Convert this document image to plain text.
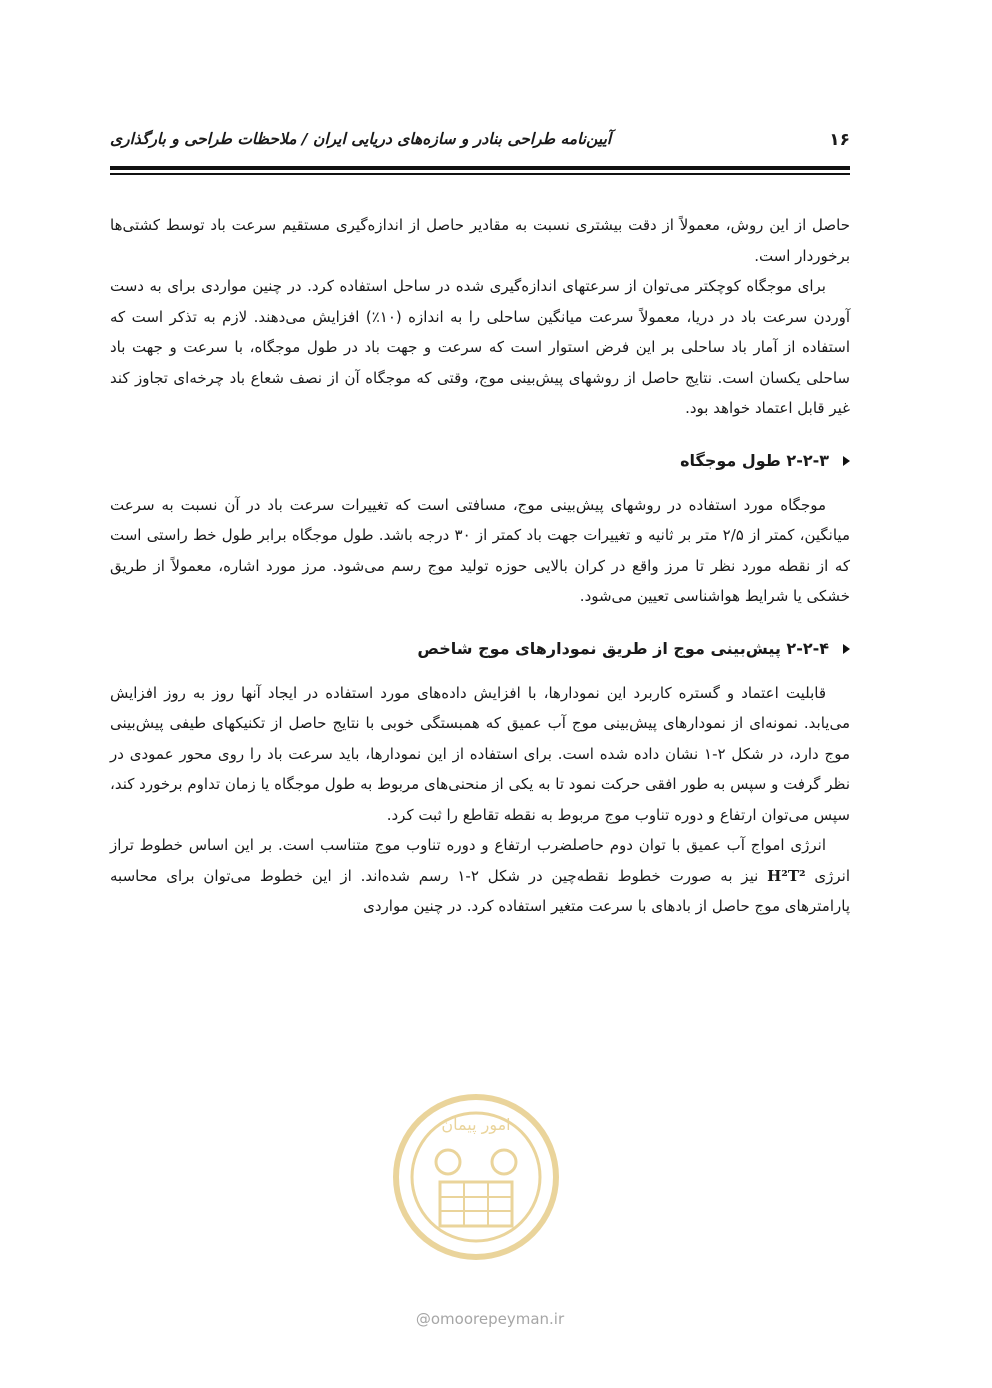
۱۶
آیین‌نامه طراحی بنادر و سازه‌های دریایی ایران / ملاحظات طراحی و بارگذاری

حاصل از این روش، معمولاً از دقت بیشتری نسبت به مقادیر حاصل از اندازه‌گیری مستقیم سرعت باد توسط کشتی‌ها برخوردار است.

برای موجگاه کوچکتر می‌توان از سرعتهای اندازه‌گیری شده در ساحل استفاده کرد. در چنین مواردی برای به دست آوردن سرعت باد در دریا، معمولاً سرعت میانگین ساحلی را به اندازه (۱۰٪) افزایش می‌دهند. لازم به تذکر است که استفاده از آمار باد ساحلی بر این فرض استوار است که سرعت و جهت باد در طول موجگاه، با سرعت و جهت باد ساحلی یکسان است. نتایج حاصل از روشهای پیش‌بینی موج، وقتی که موجگاه آن از نصف شعاع باد چرخه‌ای تجاوز کند غیر قابل اعتماد خواهد بود.

۲-۲-۳ طول موجگاه

موجگاه مورد استفاده در روشهای پیش‌بینی موج، مسافتی است که تغییرات سرعت باد در آن نسبت به سرعت میانگین، کمتر از ۲/۵ متر بر ثانیه و تغییرات جهت باد کمتر از ۳۰ درجه باشد. طول موجگاه برابر طول خط راستی است که از نقطه مورد نظر تا مرز واقع در کران بالایی حوزه تولید موج رسم می‌شود. مرز مورد اشاره، معمولاً از طریق خشکی یا شرایط هواشناسی تعیین می‌شود.

۲-۲-۴ پیش‌بینی موج از طریق نمودارهای موج شاخص

قابلیت اعتماد و گستره کاربرد این نمودارها، با افزایش داده‌های مورد استفاده در ایجاد آنها روز به روز افزایش می‌یابد. نمونه‌ای از نمودارهای پیش‌بینی موج آب عمیق که همبستگی خوبی با نتایج حاصل از تکنیکهای طیفی پیش‌بینی موج دارد، در شکل ۲-۱ نشان داده شده است. برای استفاده از این نمودارها، باید سرعت باد را روی محور عمودی در نظر گرفت و سپس به طور افقی حرکت نمود تا به یکی از منحنی‌های مربوط به طول موجگاه یا زمان تداوم برخورد کند، سپس می‌توان ارتفاع و دوره تناوب موج مربوط به نقطه تقاطع را ثبت کرد.

انرژی امواج آب عمیق با توان دوم حاصلضرب ارتفاع و دوره تناوب موج متناسب است. بر این اساس خطوط تراز انرژی H²T² نیز به صورت خطوط نقطه‌چین در شکل ۲-۱ رسم شده‌اند. از این خطوط می‌توان برای محاسبه پارامترهای موج حاصل از بادهای با سرعت متغیر استفاده کرد. در چنین مواردی

امور پیمان
@omoorepeyman.ir
